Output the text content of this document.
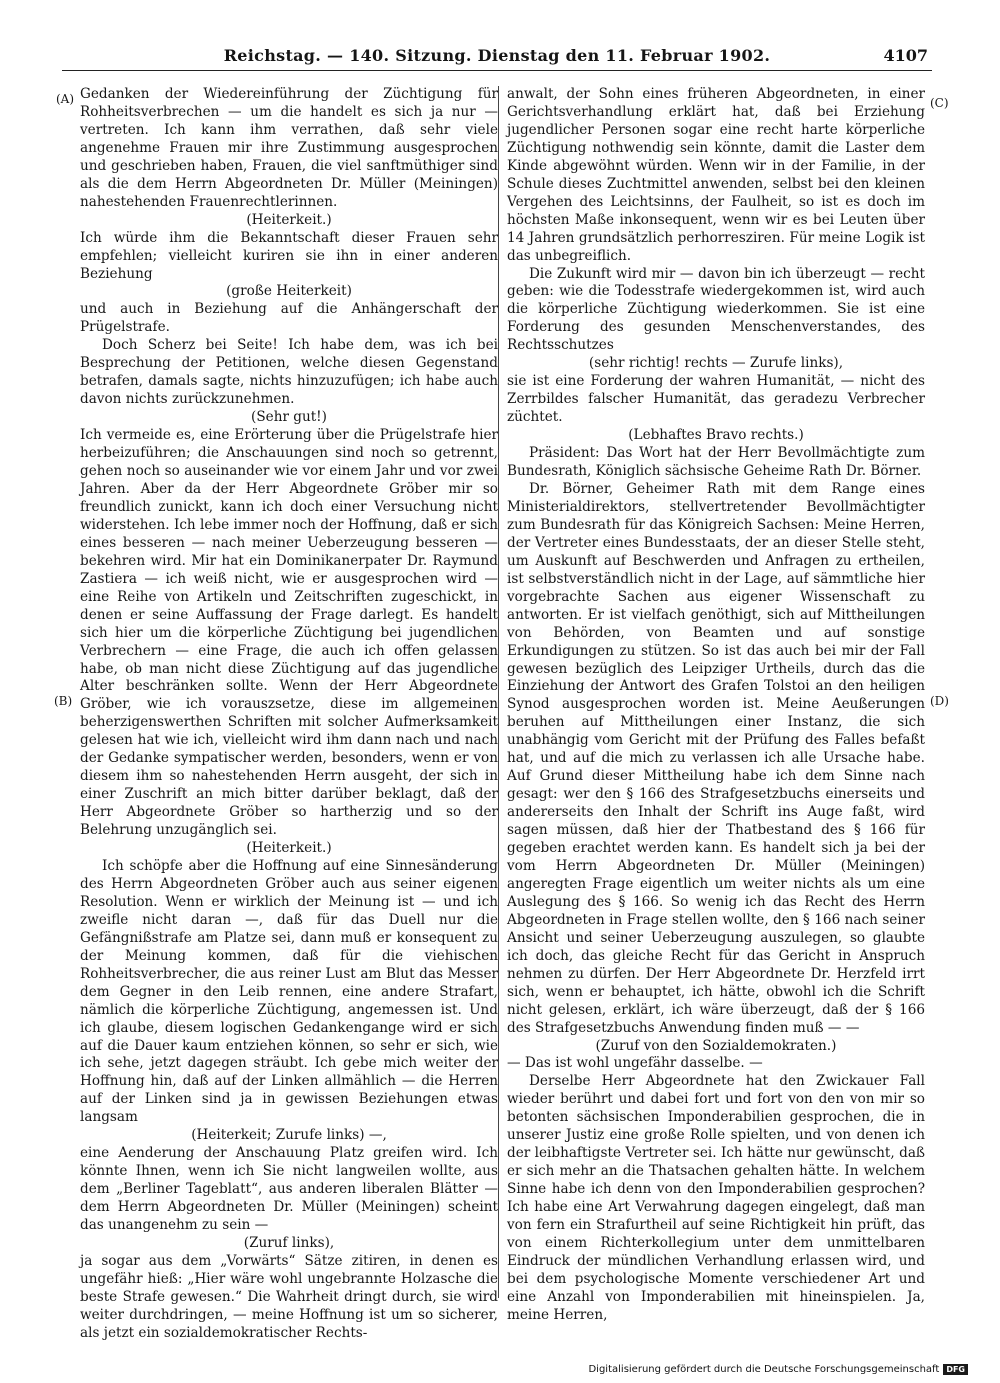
Reichstag. — 140. Sitzung. Dienstag den 11. Februar 1902.	4107
(A)
(B)
(C)
(D)

Gedanken der Wiedereinführung der Züchtigung für Rohheitsverbrechen — um die handelt es sich ja nur — vertreten. Ich kann ihm verrathen, daß sehr viele angenehme Frauen mir ihre Zustimmung ausgesprochen und geschrieben haben, Frauen, die viel sanftmüthiger sind als die dem Herrn Abgeordneten Dr. Müller (Meiningen) nahestehenden Frauenrechtlerinnen.

(Heiterkeit.)

Ich würde ihm die Bekanntschaft dieser Frauen sehr empfehlen; vielleicht kuriren sie ihn in einer anderen Beziehung

(große Heiterkeit)

und auch in Beziehung auf die Anhängerschaft der Prügelstrafe.

Doch Scherz bei Seite! Ich habe dem, was ich bei Besprechung der Petitionen, welche diesen Gegenstand betrafen, damals sagte, nichts hinzuzufügen; ich habe auch davon nichts zurückzunehmen.

(Sehr gut!)

Ich vermeide es, eine Erörterung über die Prügelstrafe hier herbeizuführen; die Anschauungen sind noch so getrennt, gehen noch so auseinander wie vor einem Jahr und vor zwei Jahren. Aber da der Herr Abgeordnete Gröber mir so freundlich zunickt, kann ich doch einer Versuchung nicht widerstehen. Ich lebe immer noch der Hoffnung, daß er sich eines besseren — nach meiner Ueberzeugung besseren — bekehren wird. Mir hat ein Dominikanerpater Dr. Raymund Zastiera — ich weiß nicht, wie er ausgesprochen wird — eine Reihe von Artikeln und Zeitschriften zugeschickt, in denen er seine Auffassung der Frage darlegt. Es handelt sich hier um die körperliche Züchtigung bei jugendlichen Verbrechern — eine Frage, die auch ich offen gelassen habe, ob man nicht diese Züchtigung auf das jugendliche Alter beschränken sollte. Wenn der Herr Abgeordnete Gröber, wie ich vorauszsetze, diese im allgemeinen beherzigenswerthen Schriften mit solcher Aufmerksamkeit gelesen hat wie ich, vielleicht wird ihm dann nach und nach der Gedanke sympatischer werden, besonders, wenn er von diesem ihm so nahestehenden Herrn ausgeht, der sich in einer Zuschrift an mich bitter darüber beklagt, daß der Herr Abgeordnete Gröber so hartherzig und so der Belehrung unzugänglich sei.

(Heiterkeit.)

Ich schöpfe aber die Hoffnung auf eine Sinnesänderung des Herrn Abgeordneten Gröber auch aus seiner eigenen Resolution. Wenn er wirklich der Meinung ist — und ich zweifle nicht daran —, daß für das Duell nur die Gefängnißstrafe am Platze sei, dann muß er konsequent zu der Meinung kommen, daß für die viehischen Rohheitsverbrecher, die aus reiner Lust am Blut das Messer dem Gegner in den Leib rennen, eine andere Strafart, nämlich die körperliche Züchtigung, angemessen ist. Und ich glaube, diesem logischen Gedankengange wird er sich auf die Dauer kaum entziehen können, so sehr er sich, wie ich sehe, jetzt dagegen sträubt. Ich gebe mich weiter der Hoffnung hin, daß auf der Linken allmählich — die Herren auf der Linken sind ja in gewissen Beziehungen etwas langsam

(Heiterkeit; Zurufe links) —,

eine Aenderung der Anschauung Platz greifen wird. Ich könnte Ihnen, wenn ich Sie nicht langweilen wollte, aus dem „Berliner Tageblatt“, aus anderen liberalen Blätter — dem Herrn Abgeordneten Dr. Müller (Meiningen) scheint das unangenehm zu sein —

(Zuruf links),

ja sogar aus dem „Vorwärts“ Sätze zitiren, in denen es ungefähr hieß: „Hier wäre wohl ungebrannte Holzasche die beste Strafe gewesen.“ Die Wahrheit dringt durch, sie wird weiter durchdringen, — meine Hoffnung ist um so sicherer, als jetzt ein sozialdemokratischer Rechts-

anwalt, der Sohn eines früheren Abgeordneten, in einer Gerichtsverhandlung erklärt hat, daß bei Erziehung jugendlicher Personen sogar eine recht harte körperliche Züchtigung nothwendig sein könnte, damit die Laster dem Kinde abgewöhnt würden. Wenn wir in der Familie, in der Schule dieses Zuchtmittel anwenden, selbst bei den kleinen Vergehen des Leichtsinns, der Faulheit, so ist es doch im höchsten Maße inkonsequent, wenn wir es bei Leuten über 14 Jahren grundsätzlich perhorresziren. Für meine Logik ist das unbegreiflich.

Die Zukunft wird mir — davon bin ich überzeugt — recht geben: wie die Todesstrafe wiedergekommen ist, wird auch die körperliche Züchtigung wiederkommen. Sie ist eine Forderung des gesunden Menschenverstandes, des Rechtsschutzes

(sehr richtig! rechts — Zurufe links),

sie ist eine Forderung der wahren Humanität, — nicht des Zerrbildes falscher Humanität, das geradezu Verbrecher züchtet.

(Lebhaftes Bravo rechts.)

Präsident: Das Wort hat der Herr Bevollmächtigte zum Bundesrath, Königlich sächsische Geheime Rath Dr. Börner.

Dr. Börner, Geheimer Rath mit dem Range eines Ministerialdirektors, stellvertretender Bevollmächtigter zum Bundesrath für das Königreich Sachsen: Meine Herren, der Vertreter eines Bundesstaats, der an dieser Stelle steht, um Auskunft auf Beschwerden und Anfragen zu ertheilen, ist selbstverständlich nicht in der Lage, auf sämmtliche hier vorgebrachte Sachen aus eigener Wissenschaft zu antworten. Er ist vielfach genöthigt, sich auf Mittheilungen von Behörden, von Beamten und auf sonstige Erkundigungen zu stützen. So ist das auch bei mir der Fall gewesen bezüglich des Leipziger Urtheils, durch das die Einziehung der Antwort des Grafen Tolstoi an den heiligen Synod ausgesprochen worden ist. Meine Aeußerungen beruhen auf Mittheilungen einer Instanz, die sich unabhängig vom Gericht mit der Prüfung des Falles befaßt hat, und auf die mich zu verlassen ich alle Ursache habe. Auf Grund dieser Mittheilung habe ich dem Sinne nach gesagt: wer den § 166 des Strafgesetzbuchs einerseits und andererseits den Inhalt der Schrift ins Auge faßt, wird sagen müssen, daß hier der Thatbestand des § 166 für gegeben erachtet werden kann. Es handelt sich ja bei der vom Herrn Abgeordneten Dr. Müller (Meiningen) angeregten Frage eigentlich um weiter nichts als um eine Auslegung des § 166. So wenig ich das Recht des Herrn Abgeordneten in Frage stellen wollte, den § 166 nach seiner Ansicht und seiner Ueberzeugung auszulegen, so glaubte ich doch, das gleiche Recht für das Gericht in Anspruch nehmen zu dürfen. Der Herr Abgeordnete Dr. Herzfeld irrt sich, wenn er behauptet, ich hätte, obwohl ich die Schrift nicht gelesen, erklärt, ich wäre überzeugt, daß der § 166 des Strafgesetzbuchs Anwendung finden muß — —

(Zuruf von den Sozialdemokraten.)

— Das ist wohl ungefähr dasselbe. —

Derselbe Herr Abgeordnete hat den Zwickauer Fall wieder berührt und dabei fort und fort von den von mir so betonten sächsischen Imponderabilien gesprochen, die in unserer Justiz eine große Rolle spielten, und von denen ich der leibhaftigste Vertreter sei. Ich hätte nur gewünscht, daß er sich mehr an die Thatsachen gehalten hätte. In welchem Sinne habe ich denn von den Imponderabilien gesprochen? Ich habe eine Art Verwahrung dagegen eingelegt, daß man von fern ein Strafurtheil auf seine Richtigkeit hin prüft, das von einem Richterkollegium unter dem unmittelbaren Eindruck der mündlichen Verhandlung erlassen wird, und bei dem psychologische Momente verschiedener Art und eine Anzahl von Imponderabilien mit hineinspielen. Ja, meine Herren,

Digitalisierung gefördert durch die Deutsche Forschungsgemeinschaft DFG
